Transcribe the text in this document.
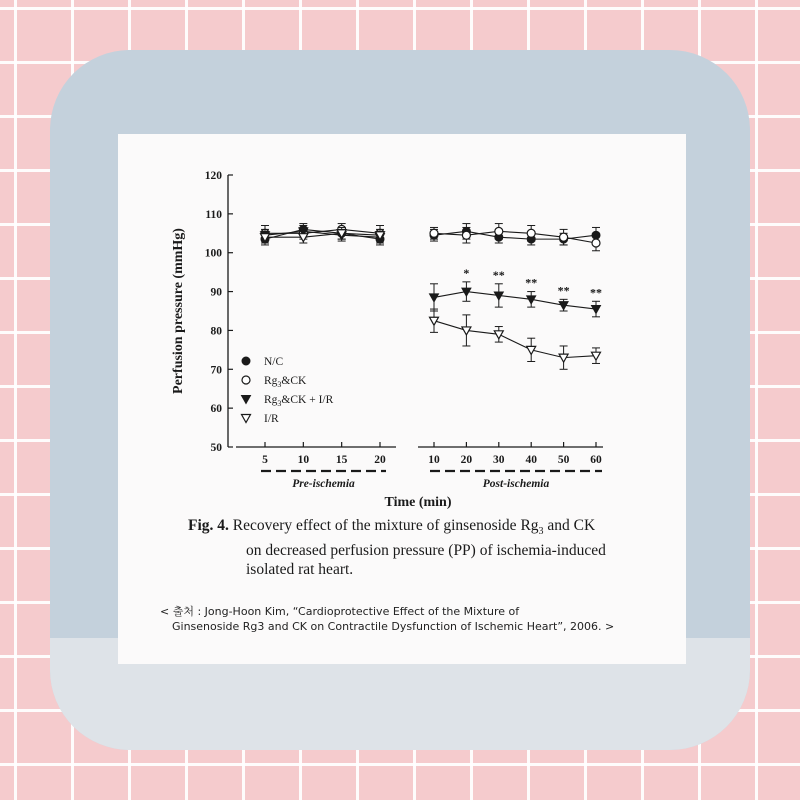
50
60
70
80
90
100
110
120
Perfusion pressure (mmHg)
5	10 15 20
Pre-ischemia
10 20 30 40 50 60
Post-ischemia
Time (min)
* **
**
** **
N/C
$Rg_3\&CK$
$Rg_3\&CK + I/R$
I/R
Fig. 4. Recovery effect of the mixture of ginsenoside $Rg_3$ and CK
on decreased perfusion pressure (PP) of ischemia-induced
isolated rat heart.
< 출처 : Jong-Hoon Kim, “Cardioprotective Effect of the Mixture of
Ginsenoside Rg3 and CK on Contractile Dysfunction of Ischemic Heart”, 2006. >
